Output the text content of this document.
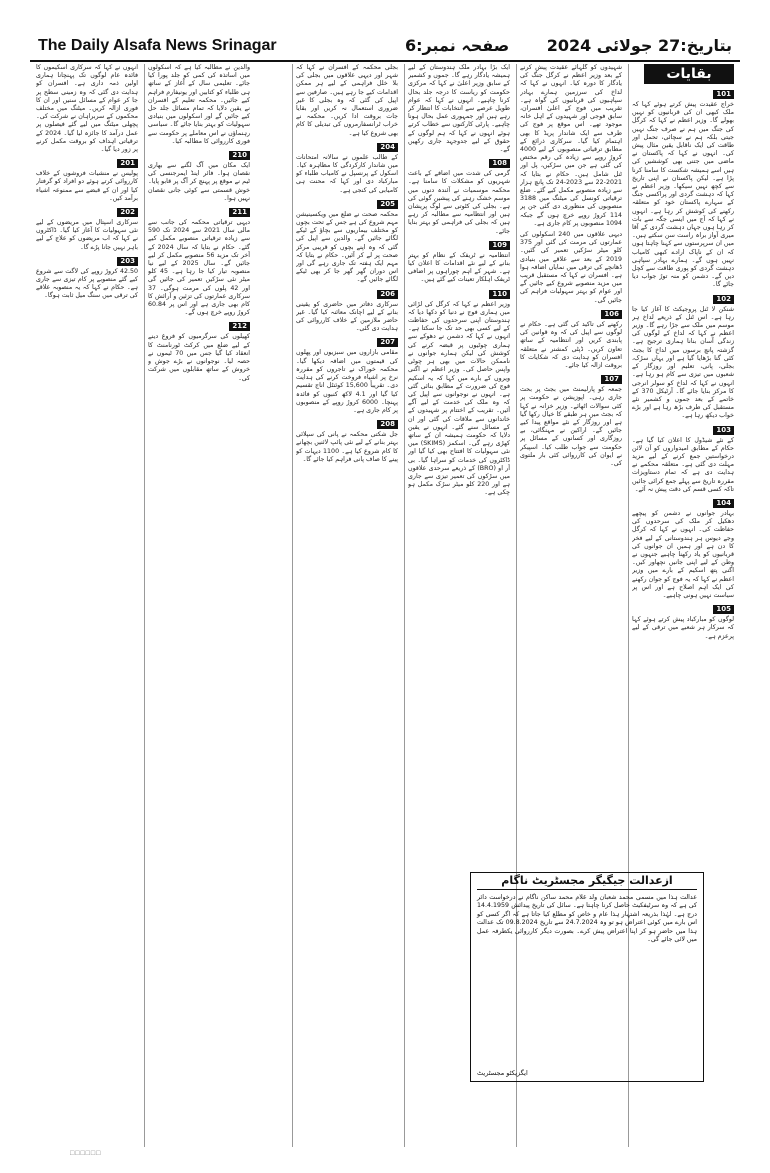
The Daily Alsafa News Srinagar	صفحہ نمبر:6 بتاریخ:27 جولائی 2024
بقایات
101
خراج عقیدت پیش کرتے ہوئے کہا کہ ملک کبھی ان کی قربانیوں کو نہیں بھولے گا۔ وزیر اعظم نے کہا کہ کرگل کی جنگ میں ہم نے صرف جنگ نہیں جیتی بلکہ ہم نے سچائی، تحمل اور طاقت کی ایک ناقابل یقین مثال پیش کی۔ انہوں نے کہا کہ پاکستان نے ماضی میں جتنی بھی کوششیں کی ہیں اسے ہمیشہ شکست کا سامنا کرنا پڑا ہے۔ لیکن پاکستان نے اپنی تاریخ سے کچھ نہیں سیکھا۔ وزیر اعظم نے کہا کہ دہشت گردی اور پراکسی جنگ کے سہارے پاکستان خود کو متعلقہ رکھنے کی کوشش کر رہا ہے۔ انہوں نے کہا کہ آج میں ایسی جگہ سے بات کر رہا ہوں جہاں دہشت گردی کے آقا میری آواز براہ راست سن سکتے ہیں۔ میں ان سرپرستوں سے کہنا چاہتا ہوں کہ ان کے ناپاک ارادے کبھی کامیاب نہیں ہوں گے۔ ہمارے بہادر سپاہی دہشت گردی کو پوری طاقت سے کچل دیں گے۔ دشمن کو منہ توڑ جواب دیا جائے گا۔
102
شنکن لا ٹنل پروجیکٹ کا آغاز کیا جا رہا ہے۔ اس ٹنل کے ذریعے لداخ ہر موسم میں ملک سے جڑا رہے گا۔ وزیر اعظم نے کہا کہ لداخ کے لوگوں کی زندگی آسان بنانا ہماری ترجیح ہے۔ گزشتہ پانچ برسوں میں لداخ کا بجٹ کئی گنا بڑھایا گیا ہے اور یہاں سڑک، بجلی، پانی، تعلیم اور روزگار کے شعبوں میں تیزی سے کام ہو رہا ہے۔ انہوں نے کہا کہ لداخ کو سولر انرجی کا مرکز بنایا جائے گا۔ آرٹیکل 370 کے خاتمے کے بعد جموں و کشمیر نئے مستقبل کی طرف بڑھ رہا ہے اور بڑے خواب دیکھ رہا ہے۔
103
کے نئے شیڈول کا اعلان کیا گیا ہے۔ حکام کے مطابق امیدواروں کو آن لائن درخواستیں جمع کرنے کے لیے مزید مہلت دی گئی ہے۔ متعلقہ محکمے نے ہدایت دی ہے کہ تمام دستاویزات مقررہ تاریخ سے پہلے جمع کرائی جائیں تاکہ کسی قسم کی دقت پیش نہ آئے۔
104
بہادر جوانوں نے دشمن کو پیچھے دھکیل کر ملک کی سرحدوں کی حفاظت کی۔ انہوں نے کہا کہ کرگل وجے دیوس ہر ہندوستانی کے لیے فخر کا دن ہے اور ہمیں ان جوانوں کی قربانیوں کو یاد رکھنا چاہیے جنہوں نے وطن کے لیے اپنی جانیں نچھاور کیں۔ اگنی پتھ اسکیم کے بارے میں وزیر اعظم نے کہا کہ یہ فوج کو جوان رکھنے کی ایک اہم اصلاح ہے اور اس پر سیاست نہیں ہونی چاہیے۔
105
لوگوں کو مبارکباد پیش کرتے ہوئے کہا کہ سرکار ہر شعبے میں ترقی کے لیے پرعزم ہے۔
شہیدوں کو گلہائے عقیدت پیش کرنے کے بعد وزیر اعظم نے کرگل جنگ کی یادگار کا دورہ کیا۔ انہوں نے کہا کہ لداخ کی سرزمین ہمارے بہادر سپاہیوں کی قربانیوں کی گواہ ہے۔ تقریب میں فوج کے اعلیٰ افسران، سابق فوجی اور شہیدوں کے اہل خانہ موجود تھے۔ اس موقع پر فوج کی طرف سے ایک شاندار پریڈ کا بھی اہتمام کیا گیا۔ سرکاری ذرائع کے مطابق ترقیاتی منصوبوں کے لیے 4000 کروڑ روپے سے زیادہ کی رقم مختص کی گئی ہے جن میں سڑکیں، پل اور ٹنل شامل ہیں۔ حکام نے بتایا کہ 2021-22 سے 2023-24 تک پانچ ہزار سے زیادہ منصوبے مکمل کیے گئے۔ ضلع ترقیاتی کونسل کی میٹنگ میں 3188 منصوبوں کی منظوری دی گئی جن پر 114 کروڑ روپے خرچ ہوں گے جبکہ 1094 منصوبوں پر کام جاری ہے۔
دیہی علاقوں میں 240 اسکولوں کی عمارتوں کی مرمت کی گئی اور 375 کلو میٹر سڑکیں تعمیر کی گئیں۔ 2019 کے بعد سے علاقے میں بنیادی ڈھانچے کی ترقی میں نمایاں اضافہ ہوا ہے۔ افسران نے کہا کہ مستقبل قریب میں مزید منصوبے شروع کیے جائیں گے اور عوام کو بہتر سہولیات فراہم کی جائیں گی۔
106
رکھنے کی تاکید کی گئی ہے۔ حکام نے لوگوں سے اپیل کی کہ وہ قوانین کی پابندی کریں اور انتظامیہ کے ساتھ تعاون کریں۔ ڈپٹی کمشنر نے متعلقہ افسران کو ہدایت دی کہ شکایات کا بروقت ازالہ کیا جائے۔
107
جمعہ کو پارلیمنٹ میں بجٹ پر بحث جاری رہی۔ اپوزیشن نے حکومت پر کئی سوالات اٹھائے۔ وزیر خزانہ نے کہا کہ بجٹ میں ہر طبقے کا خیال رکھا گیا ہے اور روزگار کے نئے مواقع پیدا کیے جائیں گے۔ اراکین نے مہنگائی، بے روزگاری اور کسانوں کے مسائل پر حکومت سے جواب طلب کیا۔ اسپیکر نے ایوان کی کارروائی کئی بار ملتوی کی۔
ایک بڑا بہادر ملک ہندوستان کے لیے ہمیشہ یادگار رہے گا۔ جموں و کشمیر کے سابق وزیر اعلیٰ نے کہا کہ مرکزی حکومت کو ریاست کا درجہ جلد بحال کرنا چاہیے۔ انہوں نے کہا کہ عوام طویل عرصے سے انتخابات کا انتظار کر رہے ہیں اور جمہوری عمل بحال ہونا چاہیے۔ پارٹی کارکنوں سے خطاب کرتے ہوئے انہوں نے کہا کہ ہم لوگوں کے حقوق کے لیے جدوجہد جاری رکھیں گے۔
108
گرمی کی شدت میں اضافے کے باعث شہریوں کو مشکلات کا سامنا ہے۔ محکمہ موسمیات نے آئندہ دنوں میں موسم خشک رہنے کی پیشین گوئی کی ہے۔ بجلی کی کٹوتی سے لوگ پریشان ہیں اور انتظامیہ سے مطالبہ کر رہے ہیں کہ بجلی کی فراہمی کو بہتر بنایا جائے۔
109
انتظامیہ نے ٹریفک کے نظام کو بہتر بنانے کے لیے نئے اقدامات کا اعلان کیا ہے۔ شہر کے اہم چوراہوں پر اضافی ٹریفک اہلکار تعینات کیے گئے ہیں۔
110
وزیر اعظم نے کہا کہ کرگل کی لڑائی میں ہماری فوج نے دنیا کو دکھا دیا کہ ہندوستان اپنی سرحدوں کی حفاظت کے لیے کسی بھی حد تک جا سکتا ہے۔ انہوں نے کہا کہ دشمن نے دھوکے سے ہماری چوٹیوں پر قبضہ کرنے کی کوشش کی لیکن ہمارے جوانوں نے ناممکن حالات میں بھی ہر چوٹی واپس حاصل کی۔ وزیر اعظم نے اگنی ویروں کے بارے میں کہا کہ یہ اسکیم فوج کی ضرورت کے مطابق بنائی گئی ہے۔ انہوں نے نوجوانوں سے اپیل کی کہ وہ ملک کی خدمت کے لیے آگے آئیں۔ تقریب کے اختتام پر شہیدوں کے خاندانوں سے ملاقات کی گئی اور ان کے مسائل سنے گئے۔ انہوں نے یقین دلایا کہ حکومت ہمیشہ ان کے ساتھ کھڑی رہے گی۔ اسکمز (SKIMS) میں نئی سہولیات کا افتتاح بھی کیا گیا اور ڈاکٹروں کی خدمات کو سراہا گیا۔ بی آر او (BRO) کے ذریعے سرحدی علاقوں میں سڑکوں کی تعمیر تیزی سے جاری ہے اور 220 کلو میٹر سڑک مکمل ہو چکی ہے۔
بجلی محکمہ کے افسران نے کہا کہ شہر اور دیہی علاقوں میں بجلی کی بلا خلل فراہمی کے لیے ہر ممکن اقدامات کیے جا رہے ہیں۔ صارفین سے اپیل کی گئی کہ وہ بجلی کا غیر ضروری استعمال نہ کریں اور بقایا جات بروقت ادا کریں۔ محکمہ نے خراب ٹرانسفارمروں کی تبدیلی کا کام بھی شروع کیا ہے۔
204
کے طالب علموں نے سالانہ امتحانات میں شاندار کارکردگی کا مظاہرہ کیا۔ اسکول کے پرنسپل نے کامیاب طلباء کو مبارکباد دی اور کہا کہ محنت ہی کامیابی کی کنجی ہے۔
205
محکمہ صحت نے ضلع میں ویکسینیشن مہم شروع کی ہے جس کے تحت بچوں کو مختلف بیماریوں سے بچاؤ کے ٹیکے لگائے جائیں گے۔ والدین سے اپیل کی گئی کہ وہ اپنے بچوں کو قریبی مرکز صحت پر لے کر آئیں۔ حکام نے بتایا کہ مہم ایک ہفتہ تک جاری رہے گی اور اس دوران گھر گھر جا کر بھی ٹیکے لگائے جائیں گے۔
206
سرکاری دفاتر میں حاضری کو یقینی بنانے کے لیے اچانک معائنہ کیا گیا۔ غیر حاضر ملازمین کے خلاف کارروائی کی ہدایت دی گئی۔
207
مقامی بازاروں میں سبزیوں اور پھلوں کی قیمتوں میں اضافہ دیکھا گیا۔ محکمہ خوراک نے تاجروں کو مقررہ نرخ پر اشیاء فروخت کرنے کی ہدایت دی۔ تقریباً 15,600 کوئنٹل اناج تقسیم کیا گیا اور 4.1 لاکھ کنبوں کو فائدہ پہنچا۔ 6000 کروڑ روپے کے منصوبوں پر کام جاری ہے۔
208
جل شکتی محکمہ نے پانی کی سپلائی بہتر بنانے کے لیے نئی پائپ لائنیں بچھانے کا کام شروع کیا ہے۔ 1100 دیہات کو پینے کا صاف پانی فراہم کیا جائے گا۔
والدین نے مطالبہ کیا ہے کہ اسکولوں میں اساتذہ کی کمی کو جلد پورا کیا جائے۔ تعلیمی سال کے آغاز کے ساتھ ہی طلباء کو کتابیں اور یونیفارم فراہم کیے جائیں۔ محکمہ تعلیم کے افسران نے یقین دلایا کہ تمام مسائل جلد حل کیے جائیں گے اور اسکولوں میں بنیادی سہولیات کو بہتر بنایا جائے گا۔ سیاسی رہنماؤں نے اس معاملے پر حکومت سے فوری کارروائی کا مطالبہ کیا۔
210
ایک مکان میں آگ لگنے سے بھاری نقصان ہوا۔ فائر اینڈ ایمرجنسی کی ٹیم نے موقع پر پہنچ کر آگ پر قابو پایا۔ خوش قسمتی سے کوئی جانی نقصان نہیں ہوا۔
211
دیہی ترقیاتی محکمہ کی جانب سے مالی سال 2021 سے 2024 تک 590 سے زیادہ ترقیاتی منصوبے مکمل کیے گئے۔ حکام نے بتایا کہ سال 2024 کے آخر تک مزید 56 منصوبے مکمل کر لیے جائیں گے۔ سال 2025 کے لیے نیا منصوبہ تیار کیا جا رہا ہے۔ 45 کلو میٹر نئی سڑکیں تعمیر کی جائیں گی اور 42 پلوں کی مرمت ہوگی۔ 37 سرکاری عمارتوں کی تزئین و آرائش کا کام بھی جاری ہے اور اس پر 60.84 کروڑ روپے خرچ ہوں گے۔
212
کھیلوں کی سرگرمیوں کو فروغ دینے کے لیے ضلع میں کرکٹ ٹورنامنٹ کا انعقاد کیا گیا جس میں 70 ٹیموں نے حصہ لیا۔ نوجوانوں نے بڑے جوش و خروش کے ساتھ مقابلوں میں شرکت کی۔
انہوں نے کہا کہ سرکاری اسکیموں کا فائدہ عام لوگوں تک پہنچانا ہماری اولین ذمہ داری ہے۔ افسران کو ہدایت دی گئی کہ وہ زمینی سطح پر جا کر عوام کے مسائل سنیں اور ان کا فوری ازالہ کریں۔ میٹنگ میں مختلف محکموں کے سربراہان نے شرکت کی۔ پچھلی میٹنگ میں لیے گئے فیصلوں پر عمل درآمد کا جائزہ لیا گیا۔ 2024 کے ترقیاتی اہداف کو بروقت مکمل کرنے پر زور دیا گیا۔
201
پولیس نے منشیات فروشوں کے خلاف کارروائی کرتے ہوئے دو افراد کو گرفتار کیا اور ان کے قبضے سے ممنوعہ اشیاء برآمد کیں۔
202
سرکاری اسپتال میں مریضوں کے لیے نئی سہولیات کا آغاز کیا گیا۔ ڈاکٹروں نے کہا کہ اب مریضوں کو علاج کے لیے باہر نہیں جانا پڑے گا۔
203
42.50 کروڑ روپے کی لاگت سے شروع کیے گئے منصوبے پر کام تیزی سے جاری ہے۔ حکام نے کہا کہ یہ منصوبہ علاقے کی ترقی میں سنگ میل ثابت ہوگا۔
ازعدالت جیگیگر مجسٹریٹ ناگام
عدالت ہذا میں مسمی محمد شعبان ولد غلام محمد ساکن ناگام نے درخواست دائر کی ہے کہ وہ سرٹیفکیٹ حاصل کرنا چاہتا ہے۔ سائل کی تاریخ پیدائش 14.4.1959 درج ہے۔ لہٰذا بذریعہ اشتہار ہذا عام و خاص کو مطلع کیا جاتا ہے کہ اگر کسی کو اس بارے میں کوئی اعتراض ہو تو وہ 24.7.2024 سے تاریخ 09.8.2024 تک عدالت ہذا میں حاضر ہو کر اپنا اعتراض پیش کرے۔ بصورت دیگر کارروائی یکطرفہ عمل میں لائی جائے گی۔
ایگزیکٹو مجسٹریٹ
□□□□□□
